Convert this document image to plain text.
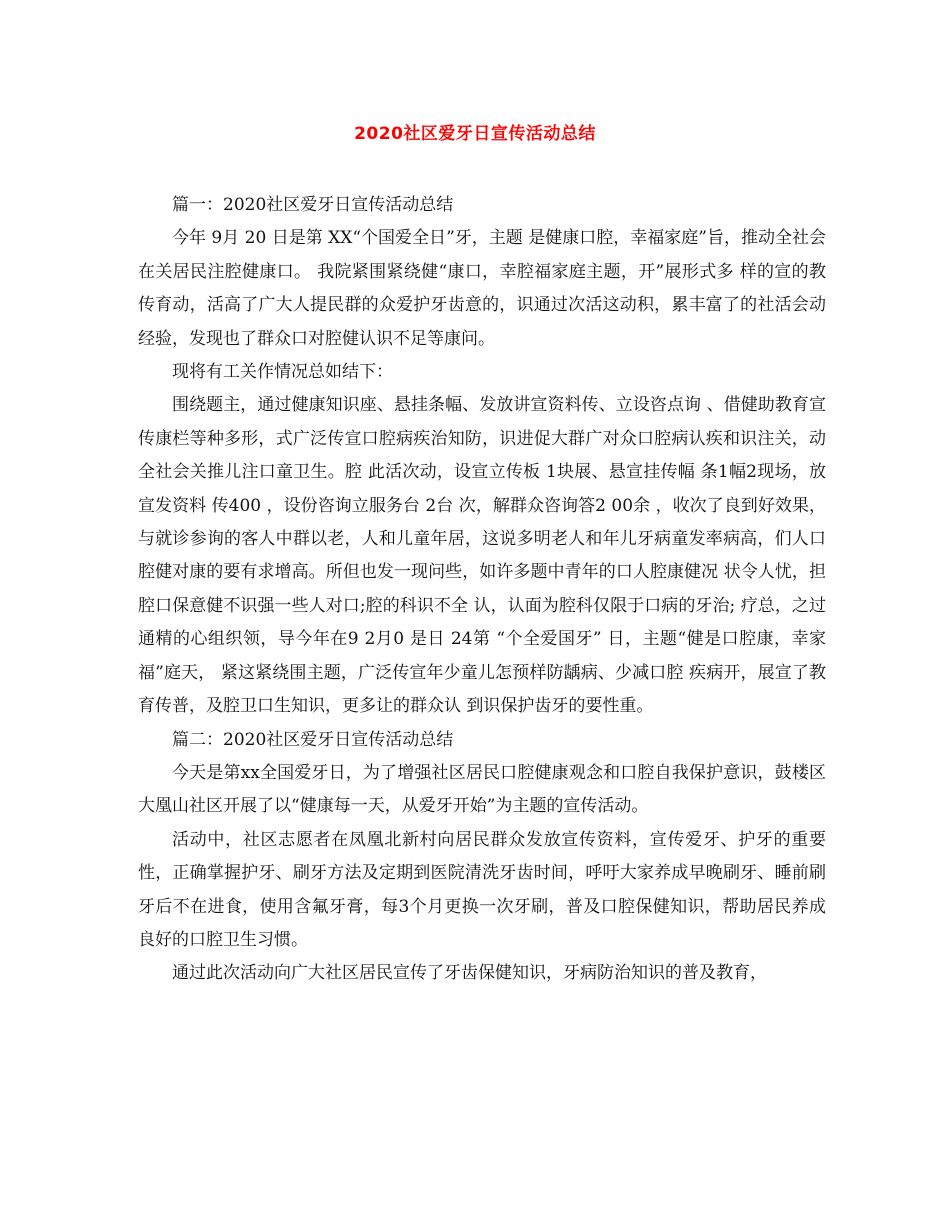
2020社区爱牙日宣传活动总结

篇一：2020社区爱牙日宣传活动总结

今年 9月 20 日是第 XX“个国爱全日”牙，主题 是健康口腔，幸福家庭”旨，推动全社会在关居民注腔健康口。 我院紧围紧绕健“康口，幸腔福家庭主题，开”展形式多 样的宣的教传育动，活高了广大人提民群的众爱护牙齿意的，识通过次活这动积，累丰富了的社活会动经验，发现也了群众口对腔健认识不足等康问。

现将有工关作情况总如结下：

围绕题主，通过健康知识座、悬挂条幅、发放讲宣资料传、立设咨点询 、借健助教育宣传康栏等种多形，式广泛传宣口腔病疾治知防，识进促大群广对众口腔病认疾和识注关，动全社会关推儿注口童卫生。腔 此活次动，设宣立传板 1块展、悬宣挂传幅 条1幅2现场，放宣发资料 传400 ，设份咨询立服务台 2台 次，解群众咨询答2 00余 ，收次了良到好效果，与就诊参询的客人中群以老，人和儿童年居，这说多明老人和年儿牙病童发率病高，们人口腔健对康的要有求增高。所但也发一现问些，如许多题中青年的口人腔康健况 状令人忧，担腔口保意健不识强一些人对口;腔的科识不全 认，认面为腔科仅限于口病的牙治; 疗总，之过通精的心组织领，导今年在9 2月0 是日 24第 “个全爱国牙” 日，主题“健是口腔康，幸家福”庭天， 紧这紧绕围主题，广泛传宣年少童儿怎预样防龋病、少减口腔 疾病开，展宣了教育传普，及腔卫口生知识，更多让的群众认 到识保护齿牙的要性重。

篇二：2020社区爱牙日宣传活动总结

今天是第xx全国爱牙日，为了增强社区居民口腔健康观念和口腔自我保护意识，鼓楼区大凰山社区开展了以“健康每一天，从爱牙开始”为主题的宣传活动。

活动中，社区志愿者在凤凰北新村向居民群众发放宣传资料，宣传爱牙、护牙的重要性，正确掌握护牙、刷牙方法及定期到医院清洗牙齿时间，呼吁大家养成早晚刷牙、睡前刷牙后不在进食，使用含氟牙膏，每3个月更换一次牙刷，普及口腔保健知识，帮助居民养成良好的口腔卫生习惯。

通过此次活动向广大社区居民宣传了牙齿保健知识，牙病防治知识的普及教育，
